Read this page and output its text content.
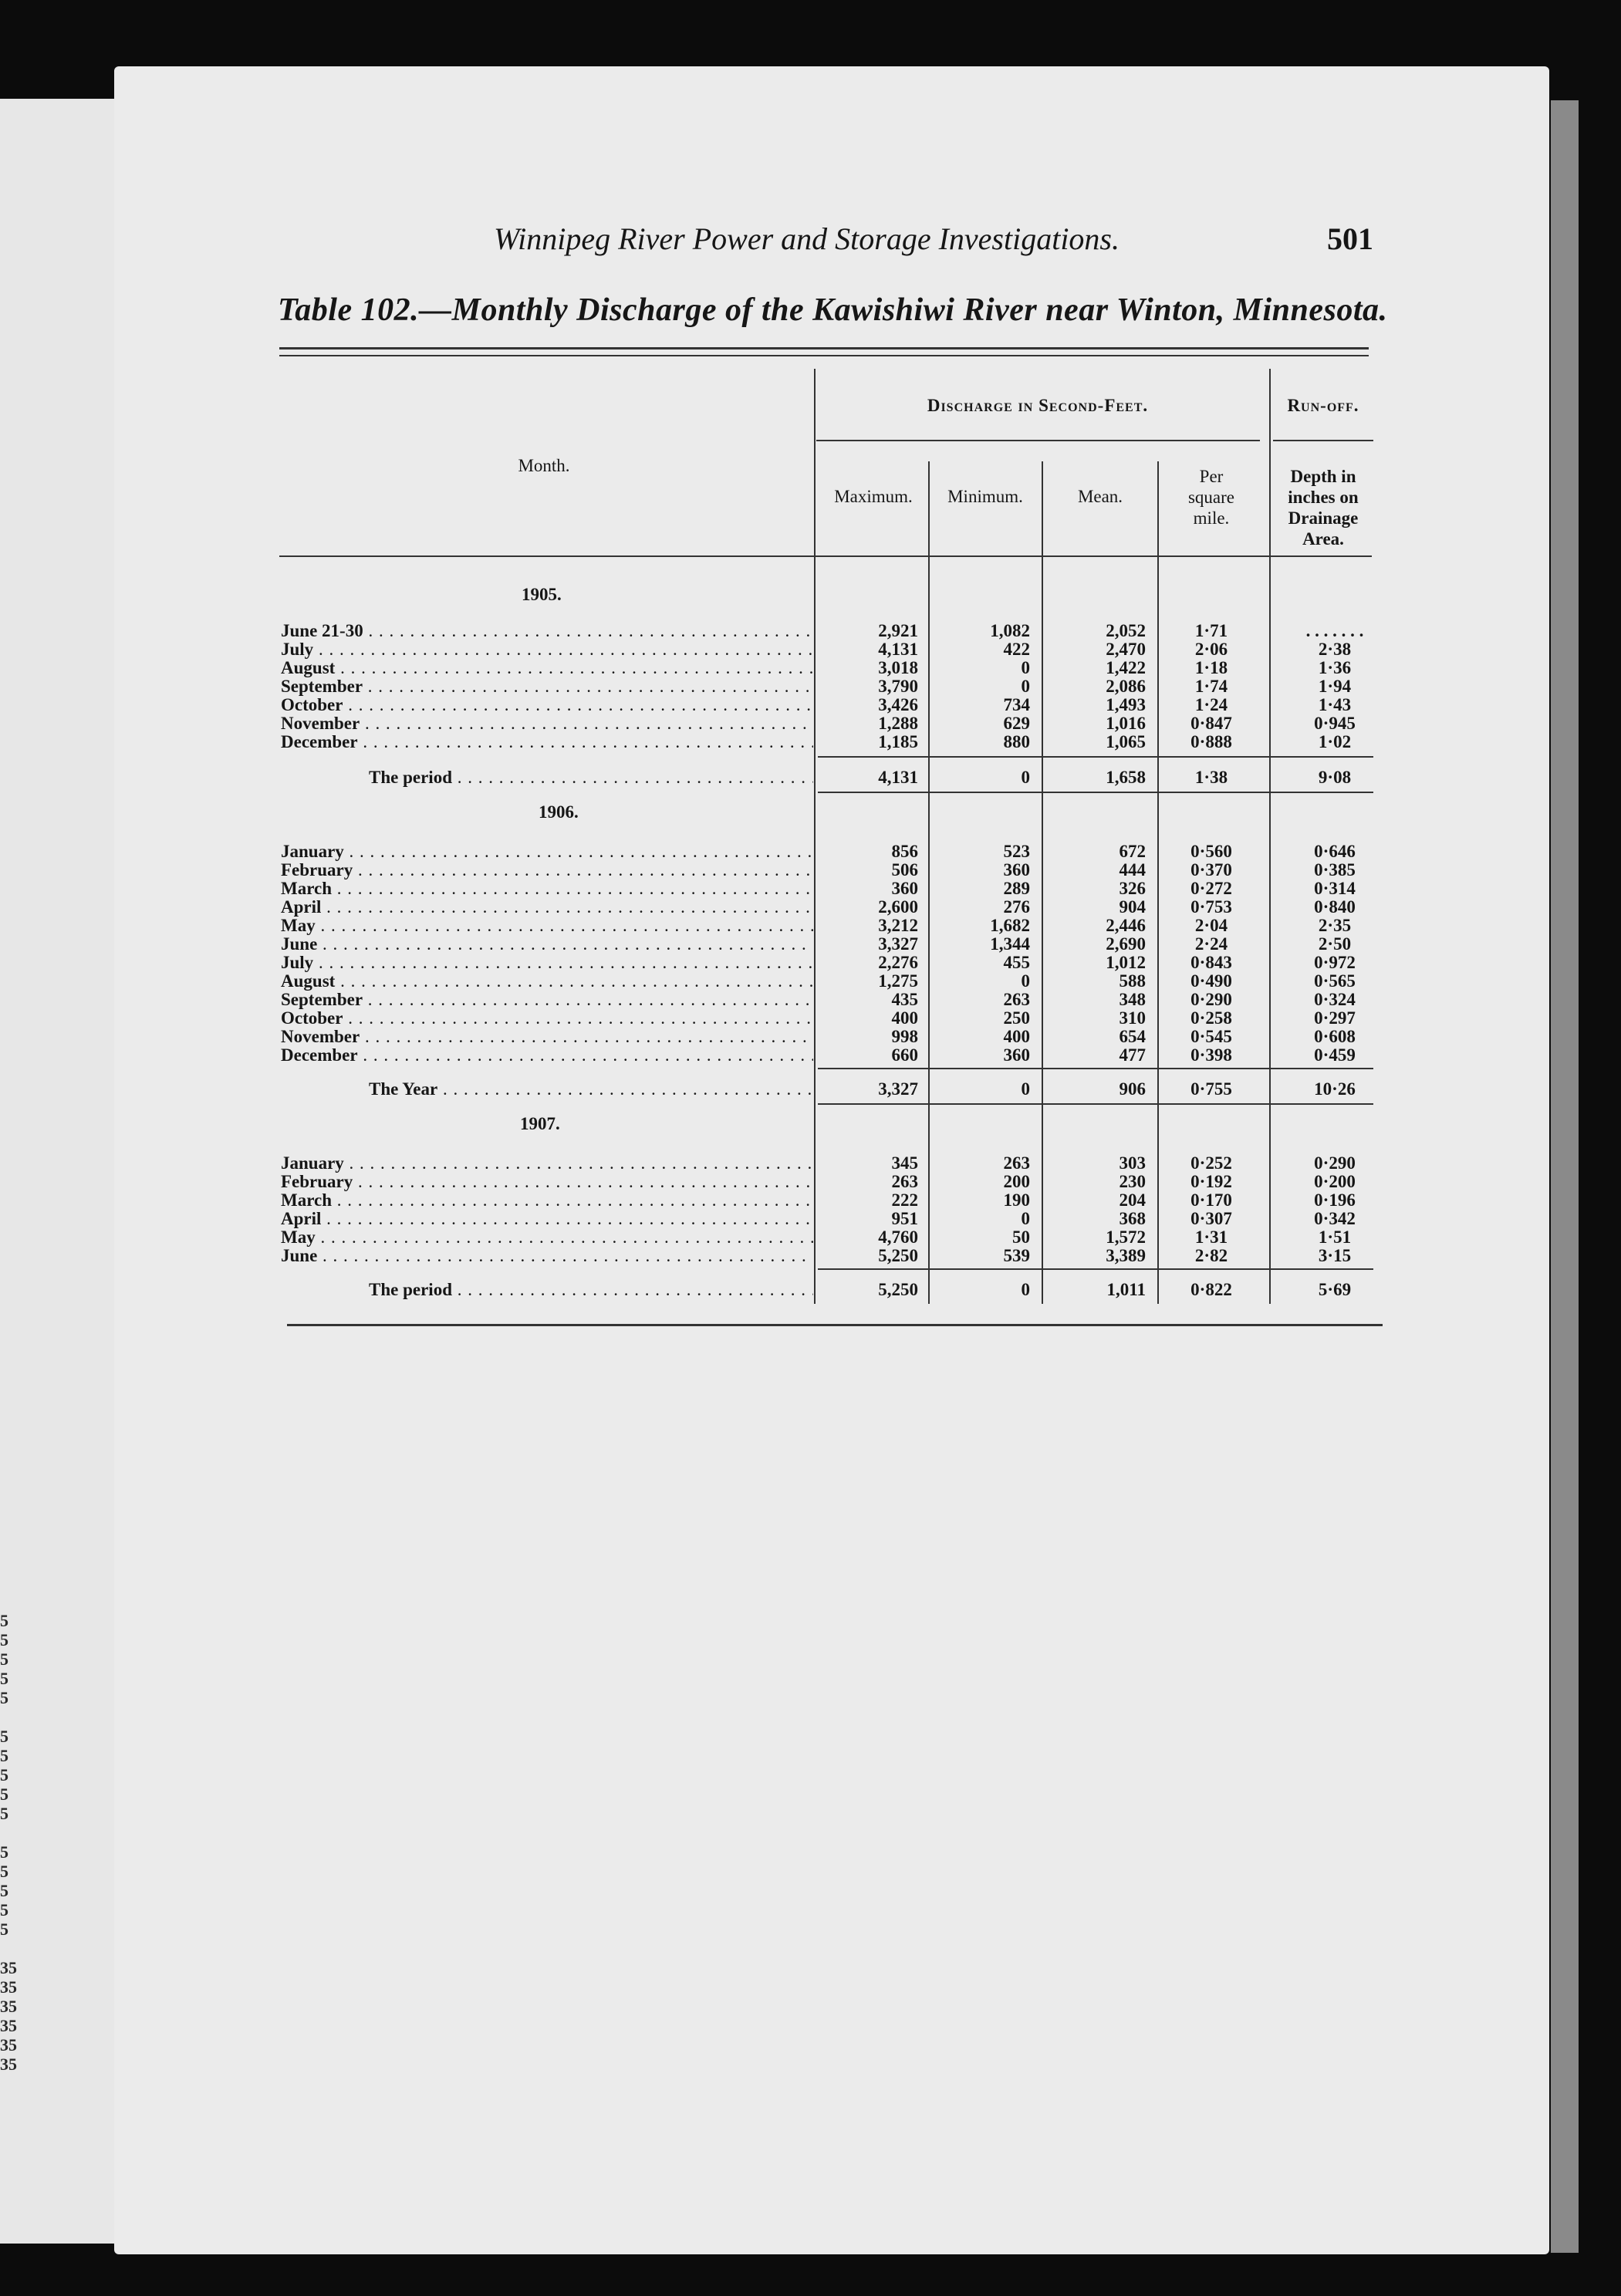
5
5
5
5
5
5
5
5
5
5
5
5
5
5
5
35
35
35
35
35
35
Winnipeg River Power and Storage Investigations.	501
Table 102.—Monthly Discharge of the Kawishiwi River near Winton, Minnesota.
Month.
Discharge in Second-Feet.	Run-off.
Maximum.	Minimum.	Mean.
Per square mile.
Depth in inches on Drainage Area.
1905.
June 21-30 . . .	2,921	1,082	2,052	1·71	. . . . . . .
July . . .	4,131	422	2,470	2·06	2·38
August . . .	3,018	0	1,422	1·18	1·36
September . . .	3,790	0	2,086	1·74	1·94
October . . .	3,426	734	1,493	1·24	1·43
November . . .	1,288	629	1,016	0·847	0·945
December . . .	1,185	880	1,065	0·888	1·02
The period . . .	4,131	0	1,658	1·38	9·08
1906.
January . . .	856	523	672	0·560	0·646
February . . .	506	360	444	0·370	0·385
March . . .	360	289	326	0·272	0·314
April . . .	2,600	276	904	0·753	0·840
May . . .	3,212	1,682	2,446	2·04	2·35
June . . .	3,327	1,344	2,690	2·24	2·50
July . . .	2,276	455	1,012	0·843	0·972
August . . .	1,275	0	588	0·490	0·565
September . . .	435	263	348	0·290	0·324
October . . .	400	250	310	0·258	0·297
November . . .	998	400	654	0·545	0·608
December . . .	660	360	477	0·398	0·459
The Year . . .	3,327	0	906	0·755	10·26
1907.
January . . .	345	263	303	0·252	0·290
February . . .	263	200	230	0·192	0·200
March . . .	222	190	204	0·170	0·196
April . . .	951	0	368	0·307	0·342
May . . .	4,760	50	1,572	1·31	1·51
June . . .	5,250	539	3,389	2·82	3·15
The period . . .	5,250	0	1,011	0·822	5·69
